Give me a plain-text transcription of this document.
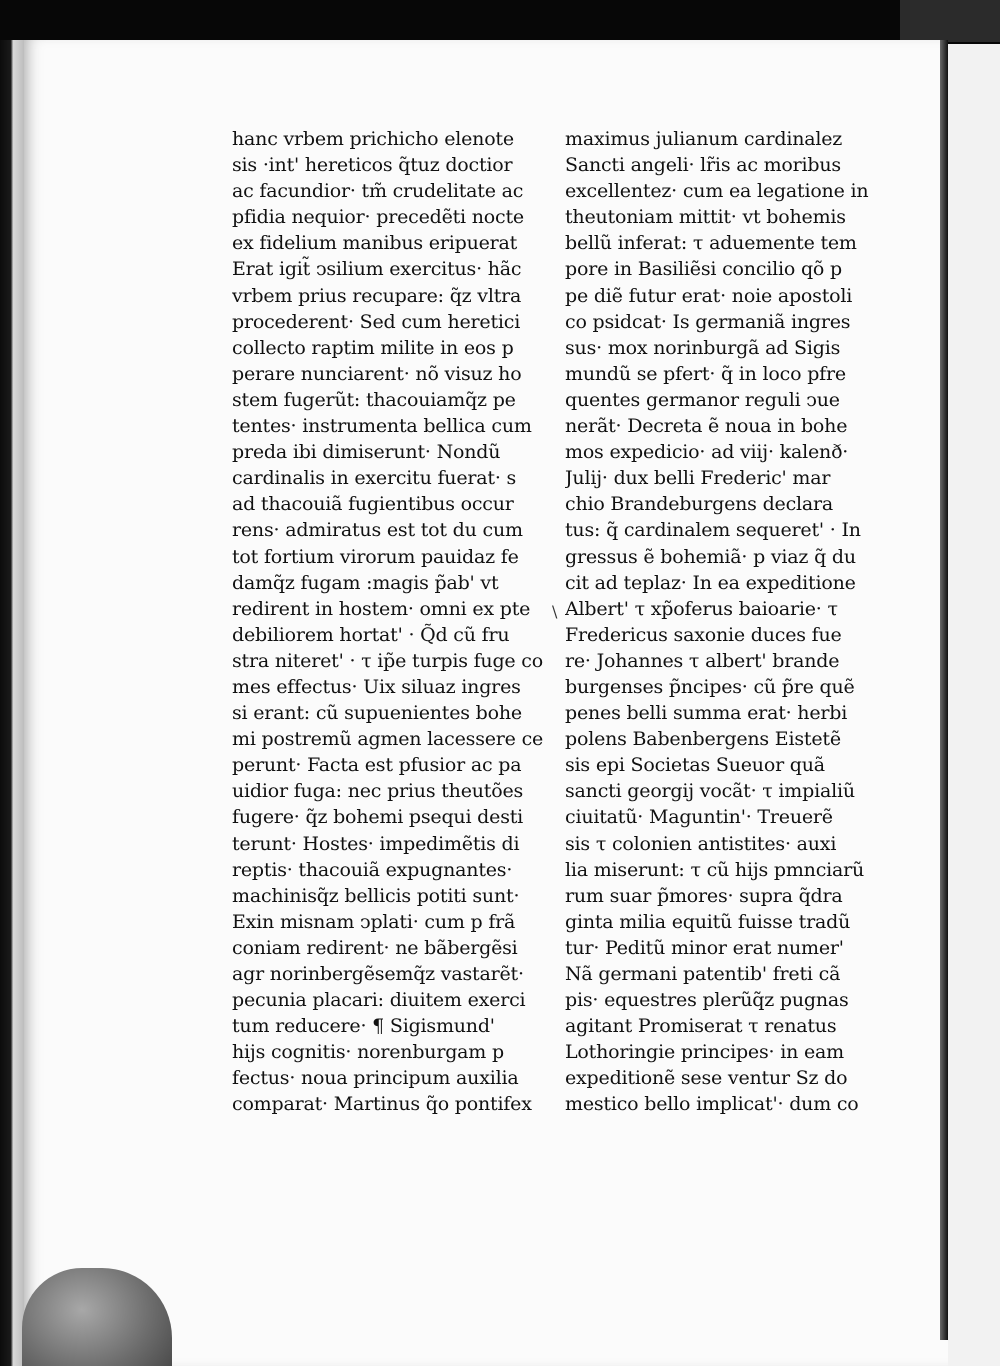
hanc vrbem prichicho elenote
sis ·int' hereticos q̃tuz doctior
ac facundior· tm̃ crudelitate ac
pfidia nequior· precedẽti nocte
ex fidelium manibus eripuerat
Erat igit̃ ↄsilium exercitus· hãc
vrbem prius recupare: q̃z vltra
procederent· Sed cum heretici
collecto raptim milite in eos p
perare nunciarent· nõ visuz ho
stem fugerũt: thacouiamq̃z pe
tentes· instrumenta bellica cum
preda ibi dimiserunt· Nondũ
cardinalis in exercitu fuerat· s
ad thacouiã fugientibus occur
rens· admiratus est tot du cum
tot fortium virorum pauidaz fe
damq̃z fugam :magis p̃ab' vt
redirent in hostem· omni ex pte
debiliorem hortat' · Q̃d cũ fru
stra niteret' · τ ip̃e turpis fuge co
mes effectus· Uix siluaz ingres
si erant: cũ supuenientes bohe
mi postremũ agmen lacessere ce
perunt· Facta est pfusior ac pa
uidior fuga: nec prius theutões
fugere· q̃z bohemi psequi desti
terunt· Hostes· impedimẽtis di
reptis· thacouiã expugnantes·
machinisq̃z bellicis potiti sunt·
Exin misnam ↄplati· cum p frã
coniam redirent· ne bãbergẽsi
agr norinbergẽsemq̃z vastarẽt·
pecunia placari: diuitem exerci
tum reducere· ¶ Sigismund'
hijs cognitis· norenburgam p
fectus· noua principum auxilia
comparat· Martinus q̃o pontifex
maximus julianum cardinalez
Sancti angeli· lr̃is ac moribus
excellentez· cum ea legatione in
theutoniam mittit· vt bohemis
bellũ inferat: τ aduemente tem
pore in Basiliẽsi concilio qõ p
pe diẽ futur erat· noie apostoli
co psidcat· Is germaniã ingres
sus· mox norinburgã ad Sigis
mundũ se pfert· q̃ in loco pfre
quentes germanor reguli ↄue
nerãt· Decreta ẽ noua in bohe
mos expedicio· ad viij· kalenð·
Julij· dux belli Frederic' mar
chio Brandeburgens declara
tus: q̃ cardinalem sequeret' · In
gressus ẽ bohemiã· p viaz q̃ du
cit ad teplaz· In ea expeditione
Albert' τ xp̃oferus baioarie· τ
Fredericus saxonie duces fue
re· Johannes τ albert' brande
burgenses p̃ncipes· cũ p̃re quẽ
penes belli summa erat· herbi
polens Babenbergens Eistetẽ
sis epi Societas Sueuor quã
sancti georgij vocãt· τ impialiũ
ciuitatũ· Maguntin'· Treuerẽ
sis τ colonien antistites· auxi
lia miserunt: τ cũ hijs pmnciarũ
rum suar p̃mores· supra q̃dra
ginta milia equitũ fuisse tradũ
tur· Peditũ minor erat numer'
Nã germani patentib' freti cã
pis· equestres plerũq̃z pugnas
agitant Promiserat τ renatus
Lothoringie principes· in eam
expeditionẽ sese ventur Sz do
mestico bello implicat'· dum co
\
